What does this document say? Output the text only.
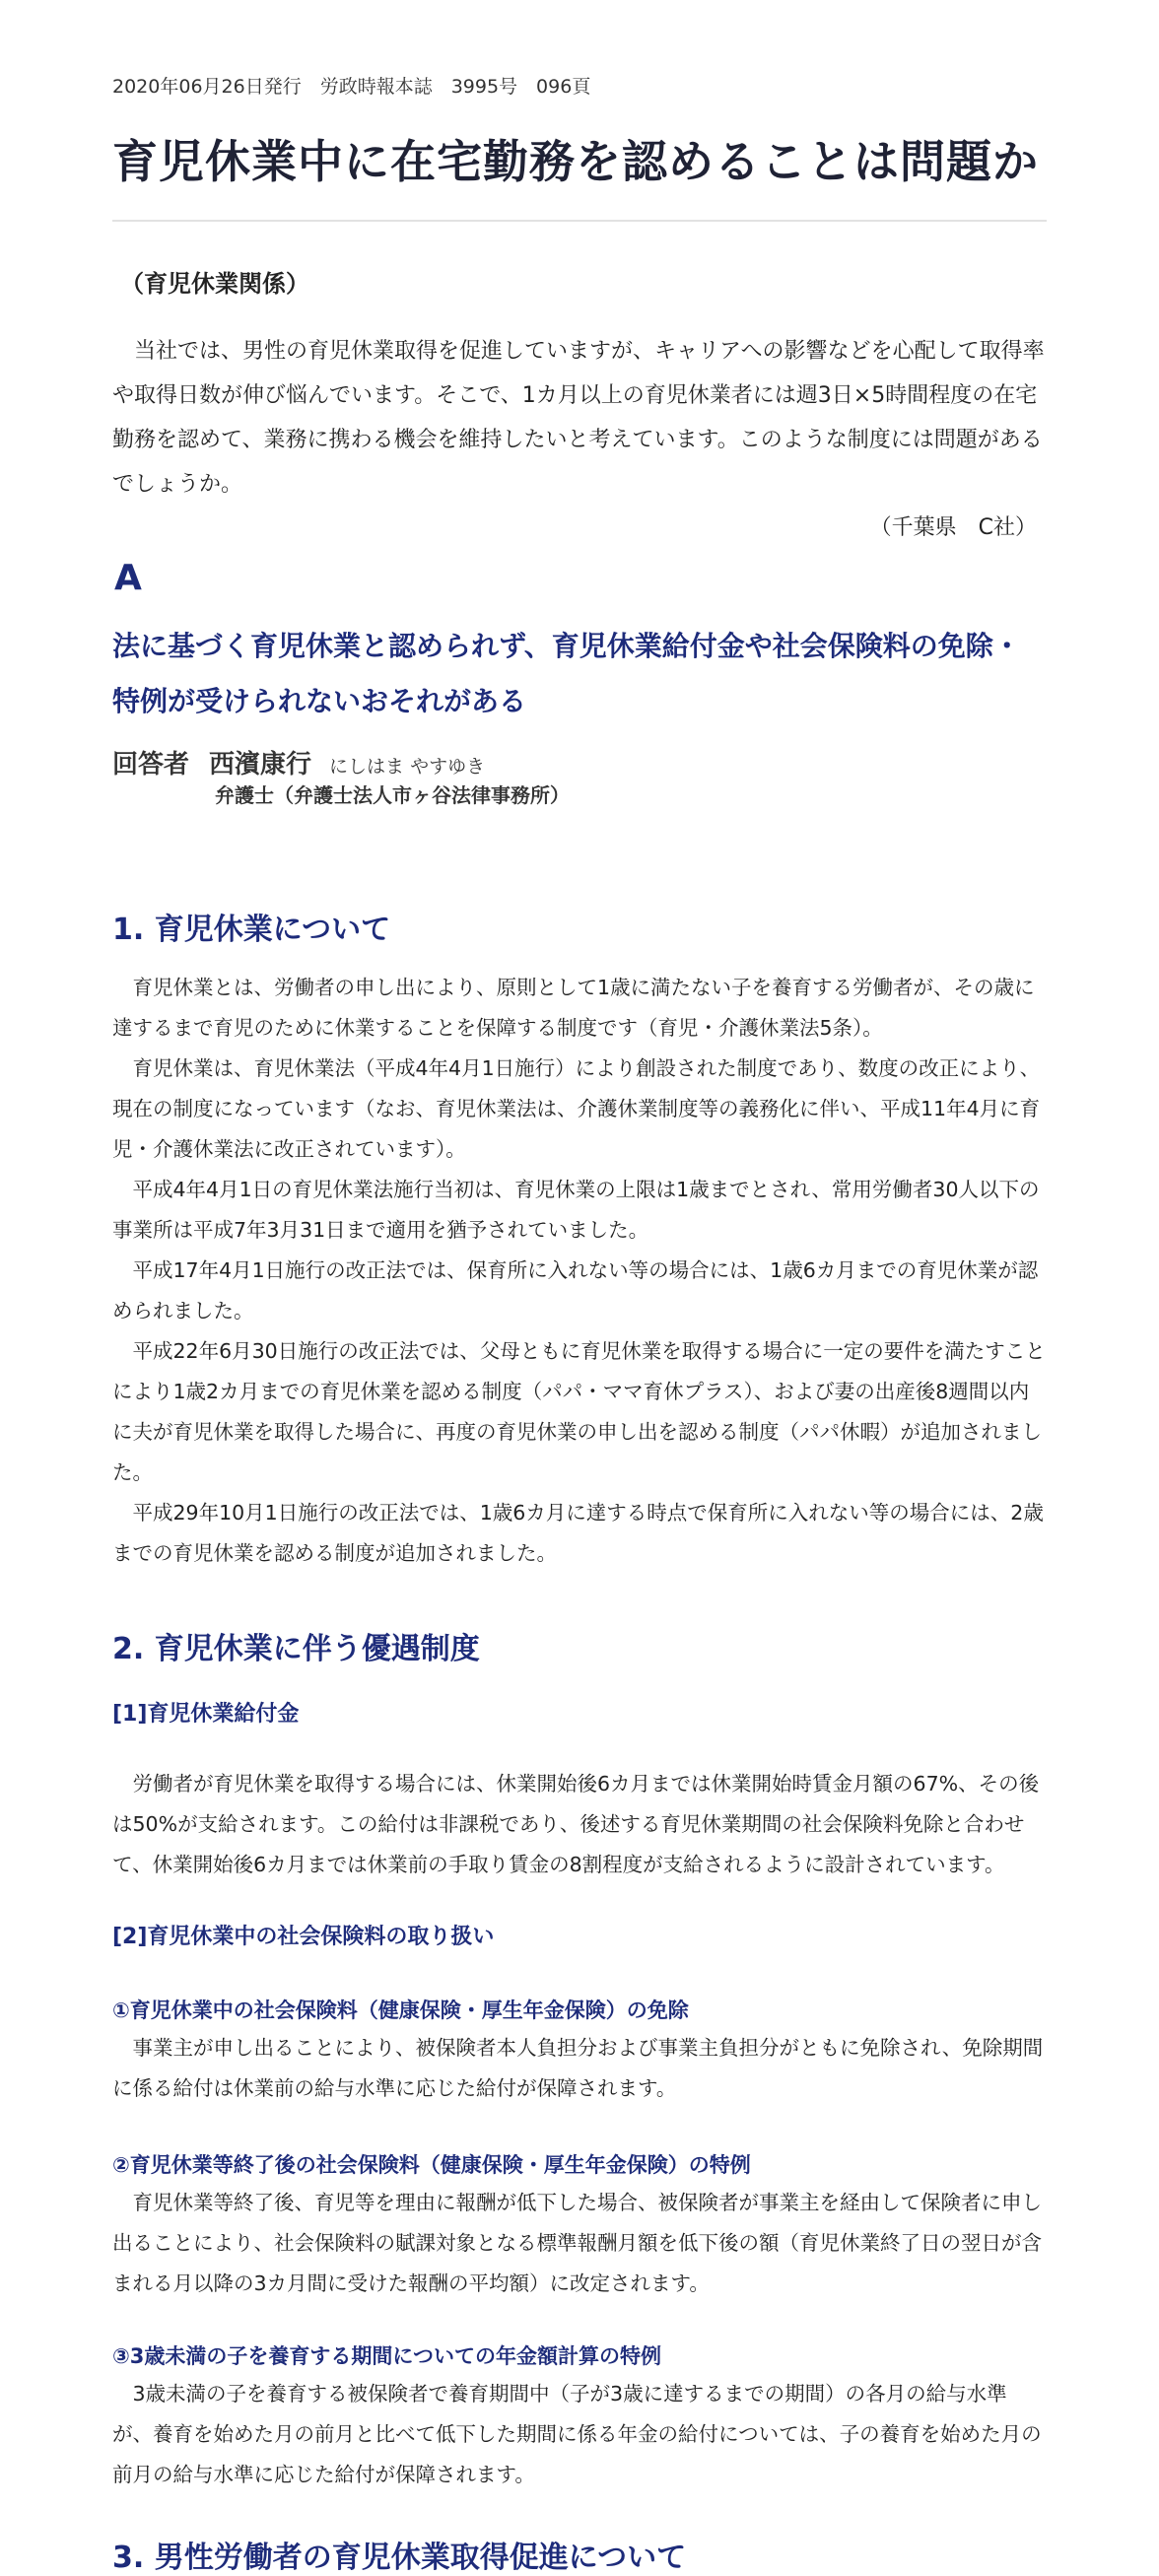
2020年06月26日発行　労政時報本誌　3995号　096頁
育児休業中に在宅勤務を認めることは問題か
（育児休業関係）

　当社では、男性の育児休業取得を促進していますが、キャリアへの影響などを心配して取得率や取得日数が伸び悩んでいます。そこで、1カ月以上の育児休業者には週3日×5時間程度の在宅勤務を認めて、業務に携わる機会を維持したいと考えています。このような制度には問題があるでしょうか。

（千葉県　C社）
A
法に基づく育児休業と認められず、育児休業給付金や社会保険料の免除・特例が受けられないおそれがある
回答者 西濱康行 にしはま やすゆき
弁護士（弁護士法人市ヶ谷法律事務所）
1. 育児休業について

　育児休業とは、労働者の申し出により、原則として1歳に満たない子を養育する労働者が、その歳に達するまで育児のために休業することを保障する制度です（育児・介護休業法5条）。

　育児休業は、育児休業法（平成4年4月1日施行）により創設された制度であり、数度の改正により、現在の制度になっています（なお、育児休業法は、介護休業制度等の義務化に伴い、平成11年4月に育児・介護休業法に改正されています）。

　平成4年4月1日の育児休業法施行当初は、育児休業の上限は1歳までとされ、常用労働者30人以下の事業所は平成7年3月31日まで適用を猶予されていました。

　平成17年4月1日施行の改正法では、保育所に入れない等の場合には、1歳6カ月までの育児休業が認められました。

　平成22年6月30日施行の改正法では、父母ともに育児休業を取得する場合に一定の要件を満たすことにより1歳2カ月までの育児休業を認める制度（パパ・ママ育休プラス）、および妻の出産後8週間以内に夫が育児休業を取得した場合に、再度の育児休業の申し出を認める制度（パパ休暇）が追加されました。

　平成29年10月1日施行の改正法では、1歳6カ月に達する時点で保育所に入れない等の場合には、2歳までの育児休業を認める制度が追加されました。

2. 育児休業に伴う優遇制度
[1]育児休業給付金

　労働者が育児休業を取得する場合には、休業開始後6カ月までは休業開始時賃金月額の67%、その後は50%が支給されます。この給付は非課税であり、後述する育児休業期間の社会保険料免除と合わせて、休業開始後6カ月までは休業前の手取り賃金の8割程度が支給されるように設計されています。

[2]育児休業中の社会保険料の取り扱い
①育児休業中の社会保険料（健康保険・厚生年金保険）の免除

　事業主が申し出ることにより、被保険者本人負担分および事業主負担分がともに免除され、免除期間に係る給付は休業前の給与水準に応じた給付が保障されます。

②育児休業等終了後の社会保険料（健康保険・厚生年金保険）の特例

　育児休業等終了後、育児等を理由に報酬が低下した場合、被保険者が事業主を経由して保険者に申し出ることにより、社会保険料の賦課対象となる標準報酬月額を低下後の額（育児休業終了日の翌日が含まれる月以降の3カ月間に受けた報酬の平均額）に改定されます。

③3歳未満の子を養育する期間についての年金額計算の特例

　3歳未満の子を養育する被保険者で養育期間中（子が3歳に達するまでの期間）の各月の給与水準が、養育を始めた月の前月と比べて低下した期間に係る年金の給付については、子の養育を始めた月の前月の給与水準に応じた給付が保障されます。

3. 男性労働者の育児休業取得促進について
